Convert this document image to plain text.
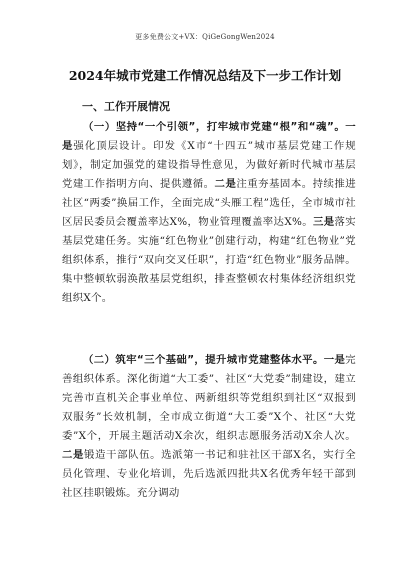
更多免费公文+VX：QiGeGongWen2024
2024年城市党建工作情况总结及下一步工作计划
一、工作开展情况

（一）坚持“一个引领”，打牢城市党建“根”和“魂”。一是强化顶层设计。印发《X市“十四五”城市基层党建工作规划》，制定加强党的建设指导性意见，为做好新时代城市基层党建工作指明方向、提供遵循。二是注重夯基固本。持续推进社区“两委”换届工作，全面完成“头雁工程”选任，全市城市社区居民委员会覆盖率达X%，物业管理覆盖率达X%。三是落实基层党建任务。实施“红色物业”创建行动，构建“红色物业”党组织体系，推行“双向交叉任职”，打造“红色物业”服务品牌。集中整顿软弱涣散基层党组织，排查整顿农村集体经济组织党组织X个。

（二）筑牢“三个基础”，提升城市党建整体水平。一是完善组织体系。深化街道“大工委”、社区“大党委”制建设，建立完善市直机关企事业单位、两新组织等党组织到社区“双报到双服务”长效机制，全市成立街道“大工委”X个、社区“大党委”X个，开展主题活动X余次，组织志愿服务活动X余人次。二是锻造干部队伍。选派第一书记和驻社区干部X名，实行全员化管理、专业化培训，先后选派四批共X名优秀年轻干部到社区挂职锻炼。充分调动
